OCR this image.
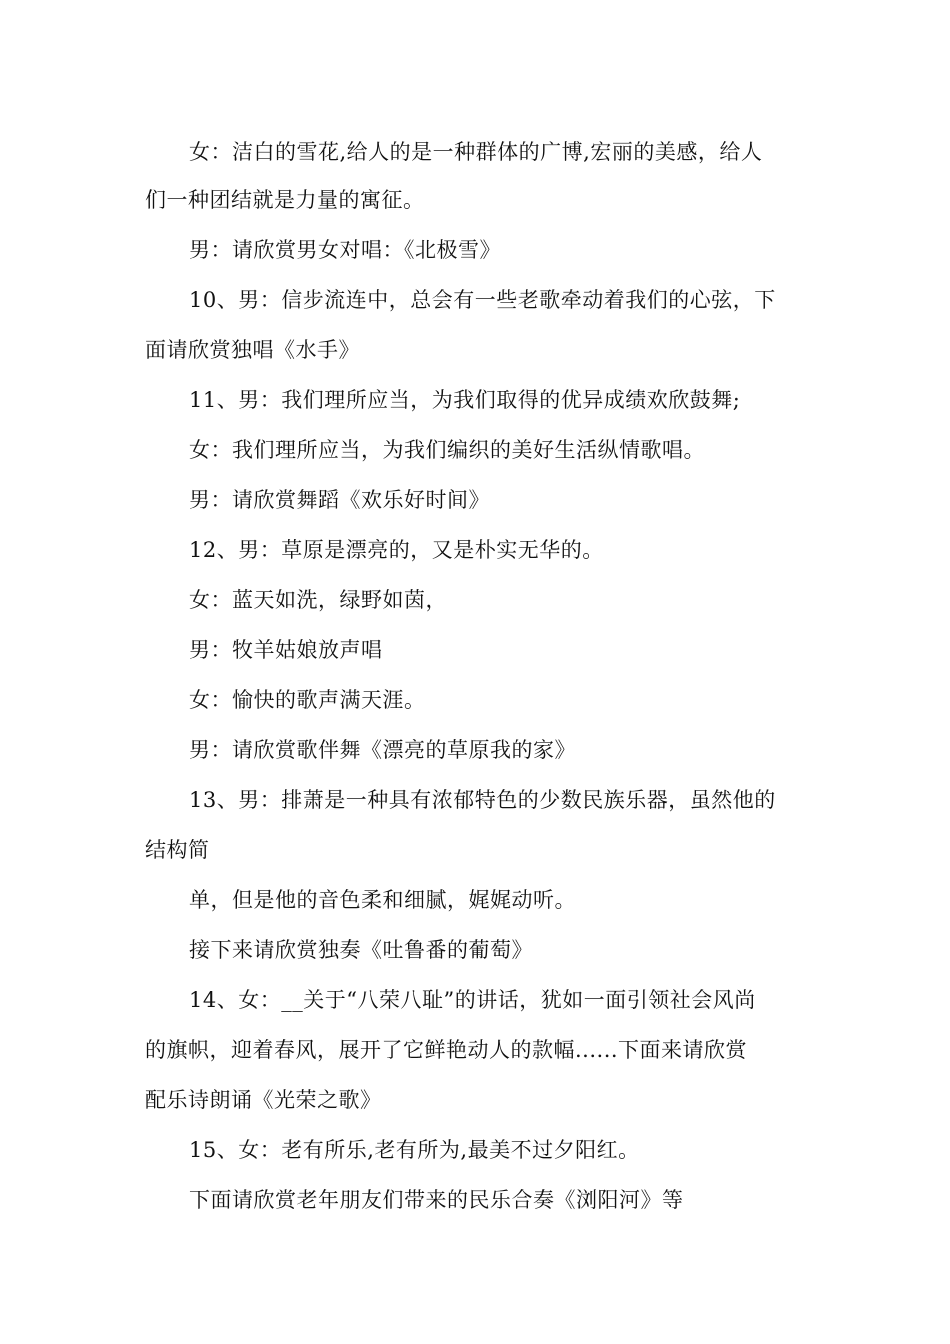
女：洁白的雪花,给人的是一种群体的广博,宏丽的美感，给人
们一种团结就是力量的寓征。
男：请欣赏男女对唱：《北极雪》
10、男：信步流连中，总会有一些老歌牵动着我们的心弦，下
面请欣赏独唱《水手》
11、男：我们理所应当，为我们取得的优异成绩欢欣鼓舞;
女：我们理所应当，为我们编织的美好生活纵情歌唱。
男：请欣赏舞蹈《欢乐好时间》
12、男：草原是漂亮的，又是朴实无华的。
女：蓝天如洗，绿野如茵，
男：牧羊姑娘放声唱
女：愉快的歌声满天涯。
男：请欣赏歌伴舞《漂亮的草原我的家》
13、男：排萧是一种具有浓郁特色的少数民族乐器，虽然他的
结构简
单，但是他的音色柔和细腻，娓娓动听。
接下来请欣赏独奏《吐鲁番的葡萄》
14、女：__关于“八荣八耻”的讲话，犹如一面引领社会风尚
的旗帜，迎着春风，展开了它鲜艳动人的款幅......下面来请欣赏
配乐诗朗诵《光荣之歌》
15、女：老有所乐,老有所为,最美不过夕阳红。
下面请欣赏老年朋友们带来的民乐合奏《浏阳河》等
